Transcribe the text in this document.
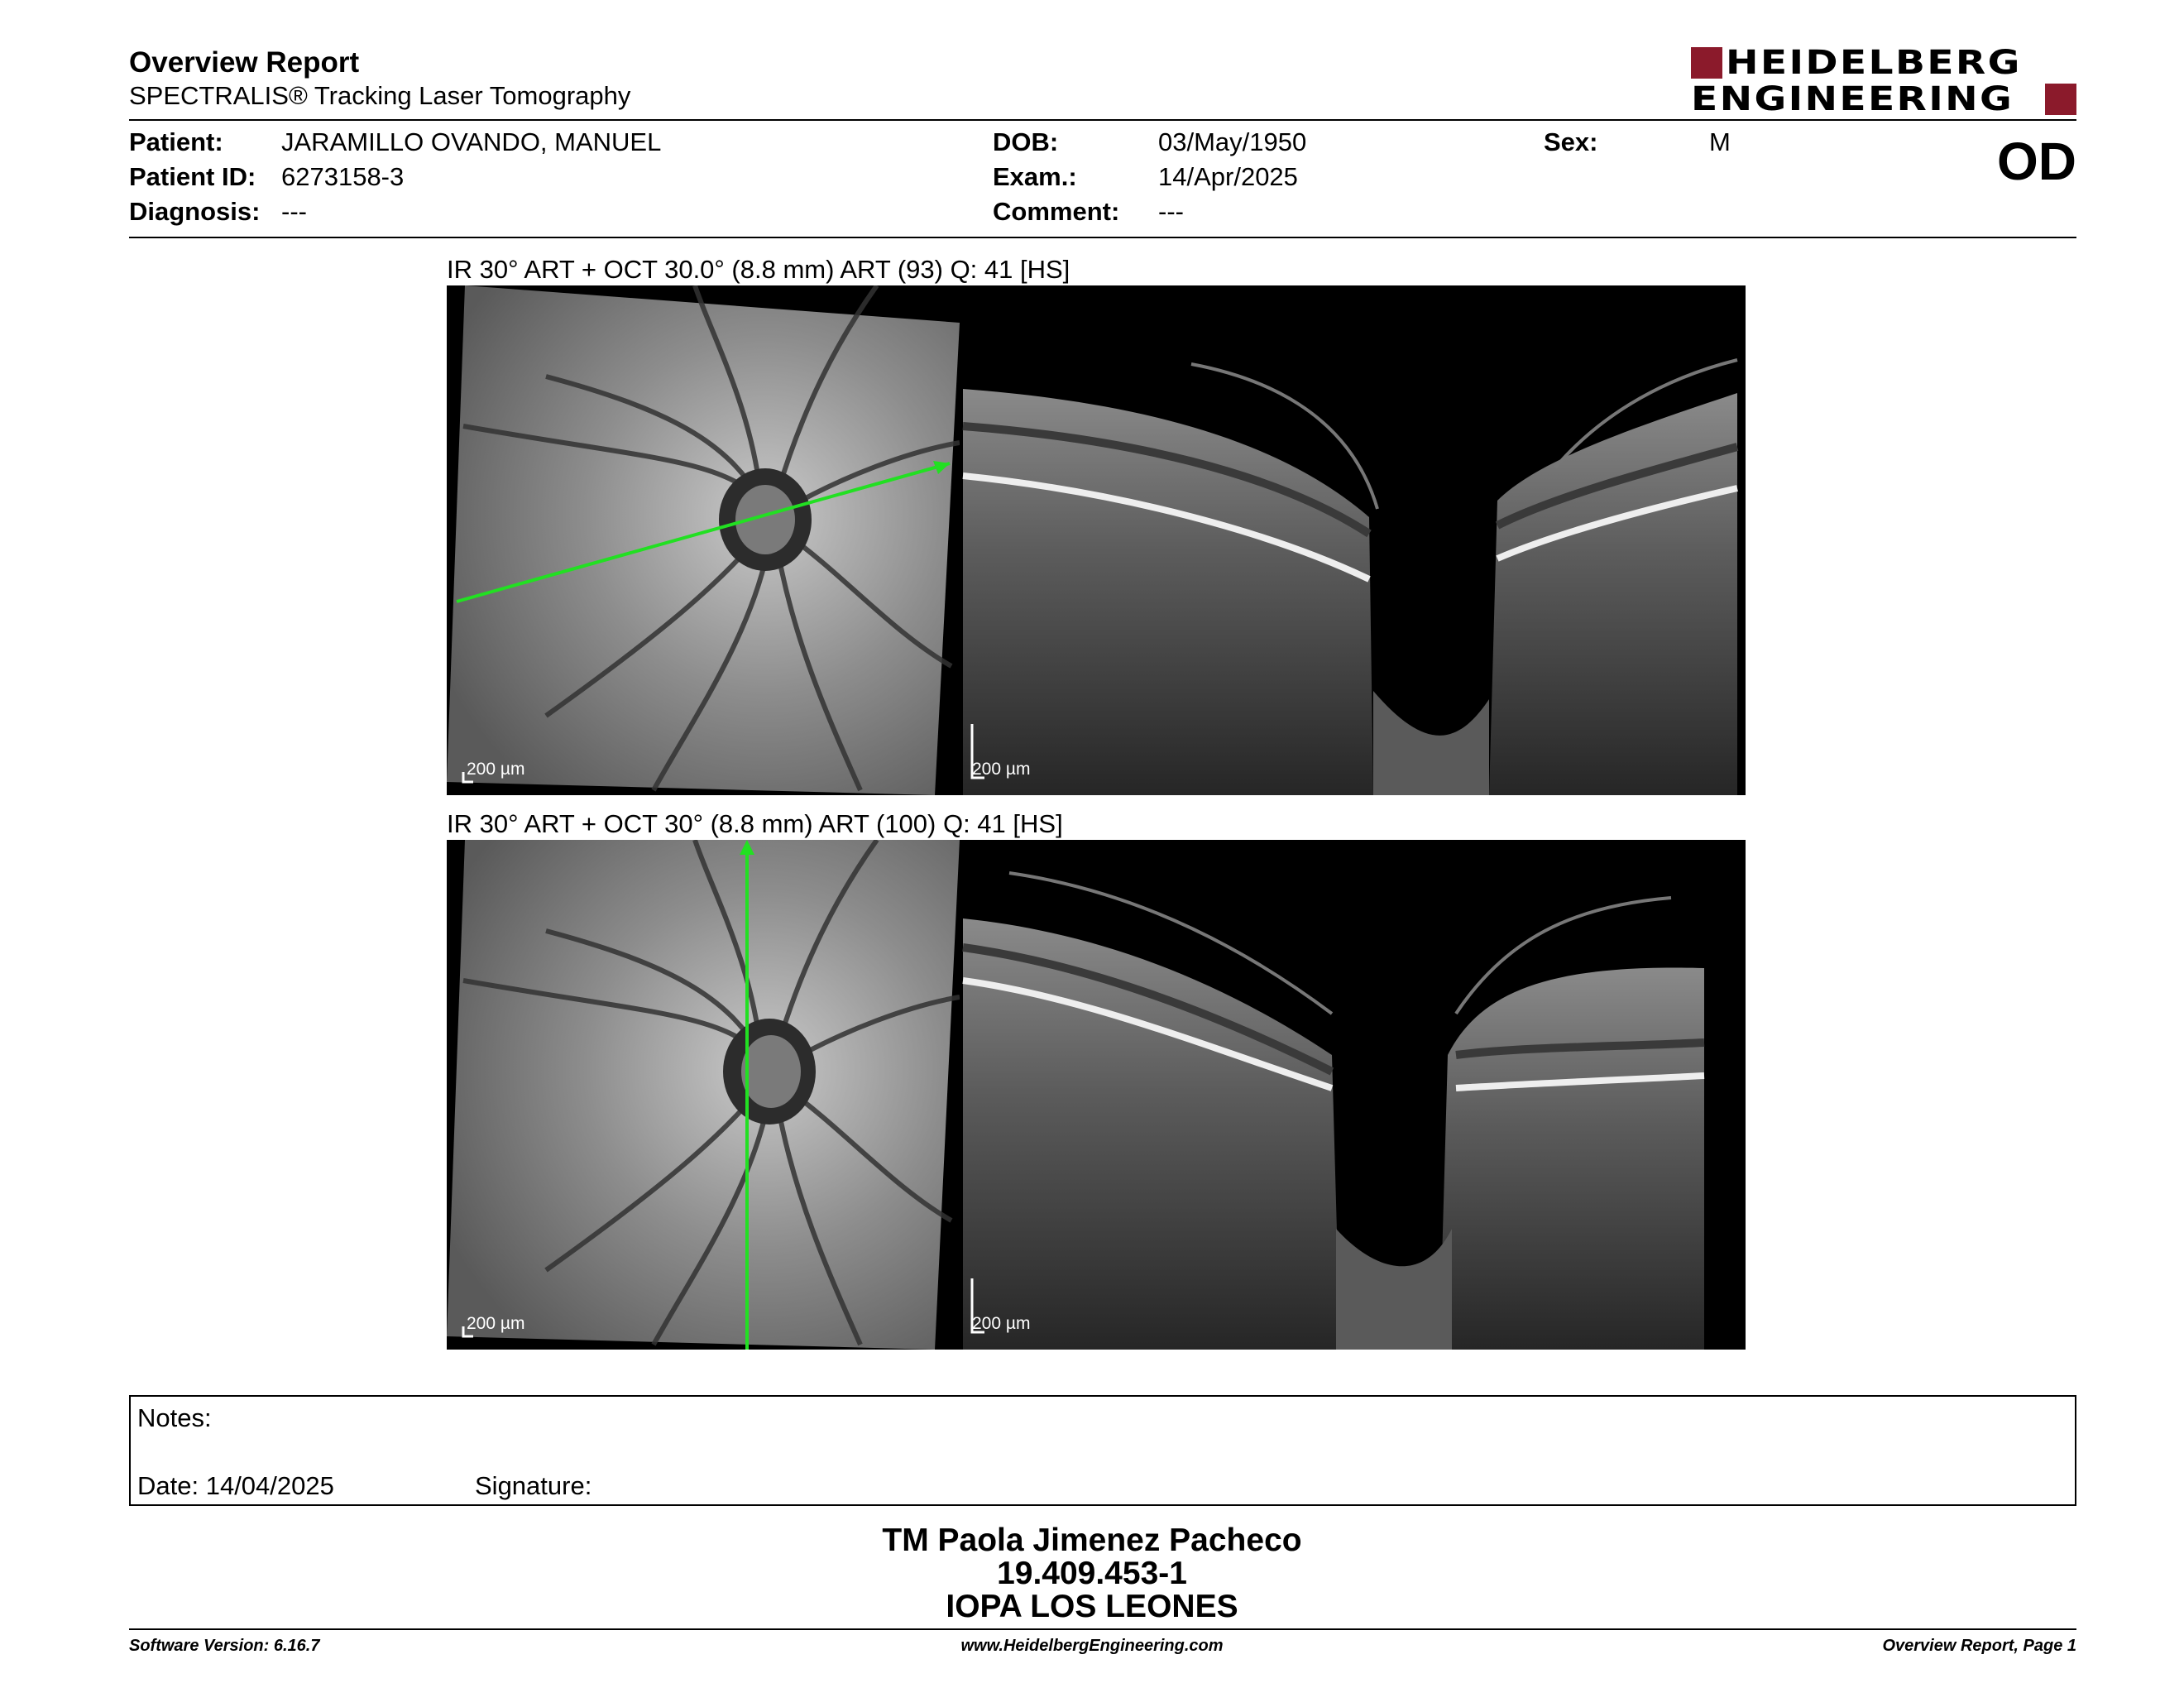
Overview Report
SPECTRALIS® Tracking Laser Tomography
HEIDELBERG
ENGINEERING
Patient: JARAMILLO OVANDO, MANUEL
Patient ID: 6273158-3
Diagnosis: ---
DOB:	03/May/1950
Exam.:	14/Apr/2025
Comment: ---
Sex:	M	OD
IR 30° ART + OCT 30.0° (8.8 mm) ART (93) Q: 41 [HS]
200 µm	200 µm
IR 30° ART + OCT 30° (8.8 mm) ART (100) Q: 41 [HS]
200 µm	200 µm
Notes:
Date: 14/04/2025	Signature:
TM Paola Jimenez Pacheco
19.409.453-1
IOPA LOS LEONES
Software Version: 6.16.7	www.HeidelbergEngineering.com	Overview Report, Page 1
